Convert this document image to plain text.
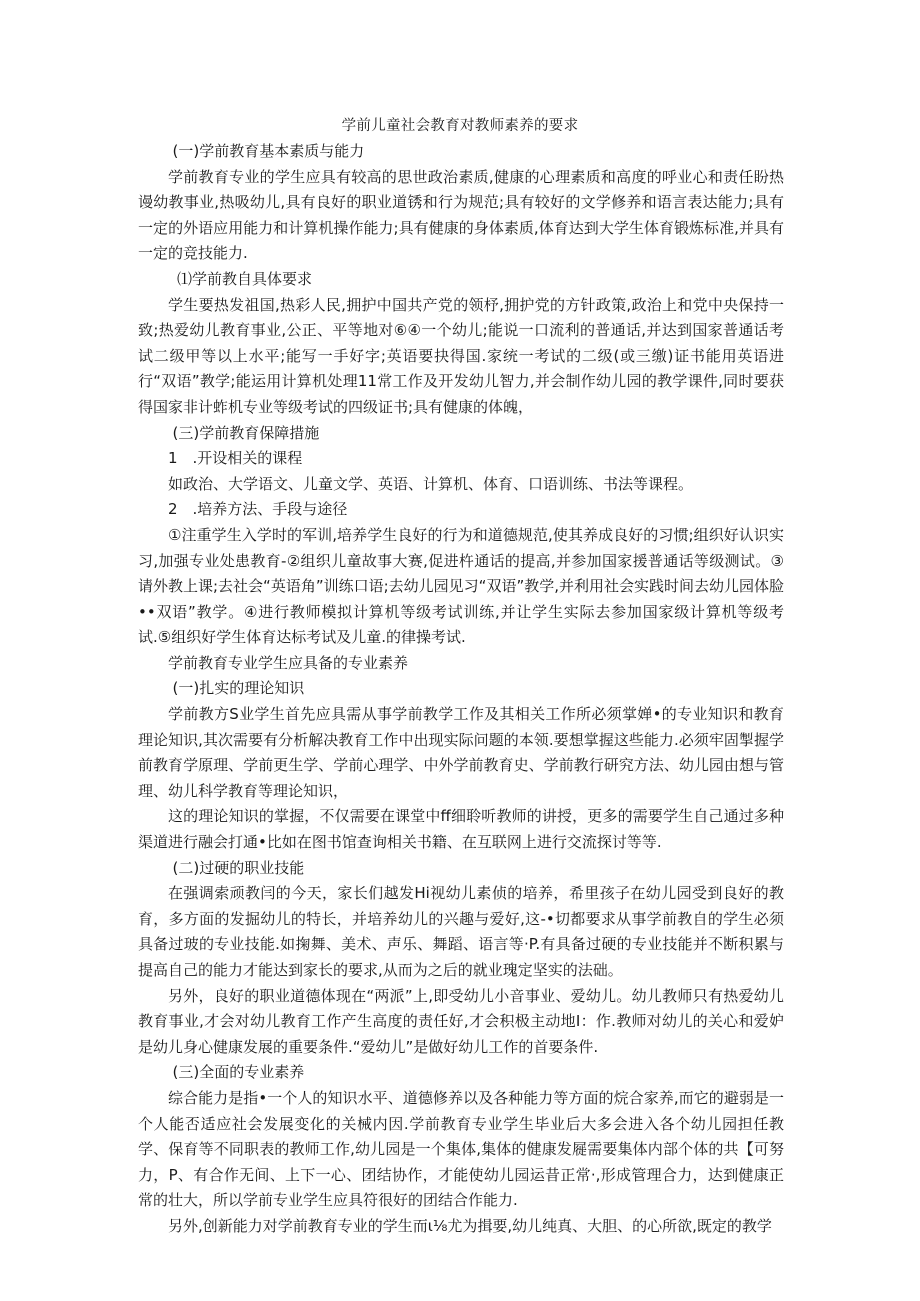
学前儿童社会教育对教师素养的要求

(一)学前教育基本素质与能力

学前教育专业的学生应具有较高的思世政治素质,健康的心理素质和高度的呼业心和责任盼热谩幼教事业,热吸幼儿,具有良好的职业道锈和行为规范;具有较好的文学修养和语言表达能力;具有一定的外语应用能力和计算机操作能力;具有健康的身体素质,体育达到大学生体育锻炼标准,并具有一定的竞技能力.

⑴学前教自具体要求

学生要热发祖国,热彩人民,拥护中国共产党的领杼,拥护党的方针政策,政治上和党中央保持一致;热爱幼儿教育事业,公正、平等地对⑥④一个幼儿;能说一口流利的普通话,并达到国家普通话考试二级甲等以上水平;能写一手好字;英语要抉得国.家统一考试的二级(或三缴)证书能用英语进行“双语”教学;能运用计算机处理11常工作及开发幼儿智力,并会制作幼儿园的教学课件,同时要获得国家非计蚱机专业等级考试的四级证书;具有健康的体魄，

(三)学前教育保障措施

1　.开设相关的课程

如政治、大学语文、儿童文学、英语、计算机、体育、口语训练、书法等课程。

2　.培养方法、手段与途径

①注重学生入学时的军训,培养学生良好的行为和道德规范,使其养成良好的习惯;组织好认识实习,加强专业处患教育-②组织儿童故事大赛,促进杵通话的提高,并参加国家援普通话等级测试。③请外教上课;去社会“英语角”训练口语;去幼儿园见习“双语”教学,并利用社会实践时间去幼儿园体脸••双语”教学。④进行教师模拟计算机等级考试训练,并让学生实际去参加国家级计算机等级考试.⑤组织好学生体育达标考试及儿童.的律操考试.

学前教育专业学生应具备的专业素养

(一)扎实的理论知识

学前教方S业学生首先应具需从事学前教学工作及其相关工作所必须掌婵•的专业知识和教育理论知识,其次需要有分析解决教育工作中出现实际问题的本领.要想掌握这些能力.必须牢固掣握学前教育学原理、学前更生学、学前心理学、中外学前教育史、学前教行研究方法、幼儿园由想与管理、幼儿科学教育等理论知识，

这的理论知识的掌握，不仅需要在课堂中ff细聆听教师的讲授，更多的需要学生自己通过多种渠道进行融会打通•比如在图书馆查询相关书籍、在互联网上进行交流探讨等等.

(二)过硬的职业技能

在强调索顽教闫的今天，家长们越发Hi视幼儿素侦的培养，希里孩子在幼儿园受到良好的教育，多方面的发掘幼儿的特长，并培养幼儿的兴趣与爱好,这-•切都要求从事学前教自的学生必须具备过玻的专业技能.如掬舞、美术、声乐、舞蹈、语言等·P.有具备过硬的专业技能并不断积累与提高自己的能力才能达到家长的要求,从而为之后的就业瑰定坚实的法础。

另外，良好的职业道德体现在“两派”上,即受幼儿小音事业、爱幼儿。幼儿教师只有热爱幼儿教育事业,才会对幼儿教育工作产生高度的责任好,才会积极主动地I：作.教师对幼儿的关心和爱妒是幼儿身心健康发展的重要条件.“爱幼儿”是做好幼儿工作的首要条件.

(三)全面的专业素养

综合能力是指•一个人的知识水平、道德修养以及各种能力等方面的烷合家养,而它的避弱是一个人能否适应社会发展变化的关械内因.学前教育专业学生毕业后大多会进入各个幼儿园担任教学、保育等不同职表的教师工作,幼儿园是一个集体,集体的健康发屣需要集体内部个体的共【可努力，P、有合作无间、上下一心、团结协作，才能使幼儿园运昔正常·,形成管理合力，达到健康正常的壮大，所以学前专业学生应具符很好的团结合作能力.

另外,创新能力对学前教育专业的学生而ι⅛尤为揖要,幼儿纯真、大胆、的心所欲,既定的教学
